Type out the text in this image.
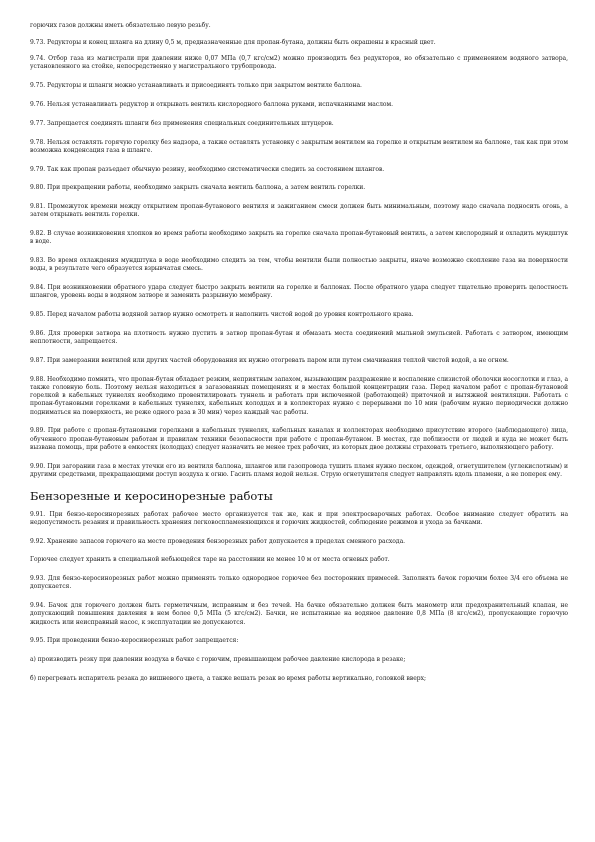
горючих газов должны иметь обязательно левую резьбу.

9.73. Редукторы и конец шланга на длину 0,5 м, предназначенные для пропан-бутана, должны быть окрашены в красный цвет.

9.74. Отбор газа из магистрали при давлении ниже 0,07 МПа (0,7 кгс/см2) можно производить без редукторов, но обязательно с применением водяного затвора, установленного на стойке, непосредственно у магистрального трубопровода.

9.75. Редукторы и шланги можно устанавливать и присоединять только при закрытом вентиле баллона.

9.76. Нельзя устанавливать редуктор и открывать вентиль кислородного баллона руками, испачканными маслом.

9.77. Запрещается соединять шланги без применения специальных соединительных штуцеров.

9.78. Нельзя оставлять горячую горелку без надзора, а также оставлять установку с закрытым вентилем на горелке и открытым вентилем на баллоне, так как при этом возможна конденсация газа в шланге.

9.79. Так как пропан разъедает обычную резину, необходимо систематически следить за состоянием шлангов.

9.80. При прекращении работы, необходимо закрыть сначала вентиль баллона, а затем вентиль горелки.

9.81. Промежуток времени между открытием пропан-бутанового вентиля и зажиганием смеси должен быть минимальным, поэтому надо сначала подносить огонь, а затем открывать вентиль горелки.

9.82. В случае возникновения хлопков во время работы необходимо закрыть на горелке сначала пропан-бутановый вентиль, а затем кислородный и охладить мундштук в воде.

9.83. Во время охлаждения мундштука в воде необходимо следить за тем, чтобы вентили были полностью закрыты, иначе возможно скопление газа на поверхности воды, в результате чего образуется взрывчатая смесь.

9.84. При возникновении обратного удара следует быстро закрыть вентили на горелке и баллонах. После обратного удара следует тщательно проверить целостность шлангов, уровень воды в водяном затворе и заменить разрывную мембрану.

9.85. Перед началом работы водяной затвор нужно осмотреть и наполнить чистой водой до уровня контрольного крана.

9.86. Для проверки затвора на плотность нужно пустить в затвор пропан-бутан и обмазать места соединений мыльной эмульсией. Работать с затвором, имеющим неплотности, запрещается.

9.87. При замерзании вентилей или других частей оборудования их нужно отогревать паром или путем смачивания теплой чистой водой, а не огнем.

9.88. Необходимо помнить, что пропан-бутан обладает резким, неприятным запахом, вызывающим раздражение и воспаление слизистой оболочки носоглотки и глаз, а также головную боль. Поэтому нельзя находиться в загазованных помещениях и в местах большой концентрации газа. Перед началом работ с пропан-бутановой горелкой в кабельных туннелях необходимо провентилировать туннель и работать при включенной (работающей) приточной и вытяжной вентиляции. Работать с пропан-бутановыми горелками в кабельных туннелях, кабельных колодцах и в коллекторах нужно с перерывами по 10 мин (рабочим нужно периодически должно подниматься на поверхность, не реже одного раза в 30 мин) через каждый час работы.

9.89. При работе с пропан-бутановыми горелками в кабельных туннелях, кабельных каналах и коллекторах необходимо присутствие второго (наблюдающего) лица, обученного пропан-бутановым работам и правилам техники безопасности при работе с пропан-бутаном. В местах, где поблизости от людей и куда не может быть вызвана помощь, при работе в емкостях (колодцах) следует назначить не менее трех рабочих, из которых двое должны страховать третьего, выполняющего работу.

9.90. При загорании газа в местах утечки его из вентиля баллона, шлангов или газопровода тушить пламя нужно песком, одеждой, огнетушителем (углекислотным) и другими средствами, прекращающими доступ воздуха к огню. Гасить пламя водой нельзя. Струю огнетушителя следует направлять вдоль пламени, а не поперек ему.

Бензорезные и керосинорезные работы

9.91. При бензо-керосинорезных работах рабочее место организуется так же, как и при электросварочных работах. Особое внимание следует обратить на недопустимость резания и правильность хранения легковоспламеняющихся и горючих жидкостей, соблюдение режимов и ухода за бачками.

9.92. Хранение запасов горючего на месте проведения бензорезных работ допускается в пределах сменного расхода.

Горючее следует хранить в специальной небьющейся таре на расстоянии не менее 10 м от места огневых работ.

9.93. Для бензо-керосинорезных работ можно применять только однородное горючее без посторонних примесей. Заполнять бачок горючим более 3/4 его объема не допускается.

9.94. Бачок для горючего должен быть герметичным, исправным и без течей. На бачке обязательно должен быть манометр или предохранительный клапан, не допускающий повышения давления в нем более 0,5 МПа (5 кгс/см2). Бачки, не испытанные на водяное давление 0,8 МПа (8 кгс/см2), пропускающие горючую жидкость или неисправный насос, к эксплуатации не допускаются.

9.95. При проведении бензо-керосинорезных работ запрещается:

а) производить резку при давлении воздуха в бачке с горючим, превышающем рабочее давление кислорода в резаке;

б) перегревать испаритель резака до вишневого цвета, а также вешать резак во время работы вертикально, головкой вверх;
